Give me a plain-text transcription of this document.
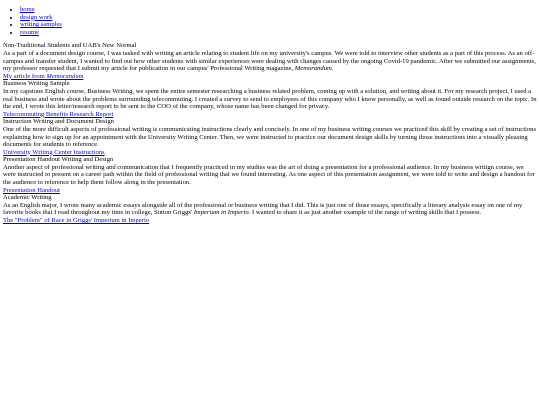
• home
• design work
• writing samples
• resume
Non-Traditional Students and UAB's New Normal

As a part of a document design course, I was tasked with writing an article relating to student life on my university's campus. We were told to interview other students as a part of this process. As an off-campus and transfer student, I wanted to find out how other students with similar experiences were dealing with changes caused by the ongoing Covid-19 pandemic. After we submitted our assignments, my professor requested that I submit my article for publication in our campus' Professional Writing magazine, Memorandum.

My article from Memorandum
Business Writing Sample

In my capstone English course, Business Writing, we spent the entire semester researching a business related problem, coming up with a solution, and writing about it. For my research project, I used a real business and wrote about the problems surrounding telecommuting. I created a survey to send to employees of this company who I know personally, as well as found outside research on the topic. In the end, I wrote this letter/research report to be sent to the COO of the company, whose name has been changed for privacy.

Telecommuting Benefits Research Report
Instruction Writing and Document Design

One of the more difficult aspects of professional writing is communicating instructions clearly and concisely. In one of my business writing courses we practiced this skill by creating a set of instructions explaining how to sign up for an appointment with the University Writing Center. Then, we were instructed to practice our document design skills by turning those instructions into a visually pleasing documents for students to reference.

University Writing Center Instructions
Presentation Handout Writing and Design

Another aspect of professional writing and communication that I frequently practiced in my studies was the art of doing a presentation for a professional audience. In my business writign course, we were instructed to present on a career path within the field of professional writing that we found interesting. As one aspect of this presentation assignment, we were told to write and design a handout for the audience to reference to help them follow along in the presentation.

Presentation Handout
Academic Writing

As an English major, I wrote many academic essays alongside all of the professional or business writing that I did. This is just one of those essays, specifically a literary analysis essay on one of my favorite books that I read throughout my time in college, Sutton Griggs' Imperium in Imperio. I wanted to share it as just another example of the range of writing skills that I possess.

The "Problem" of Race in Griggs' Imperium in Imperio
